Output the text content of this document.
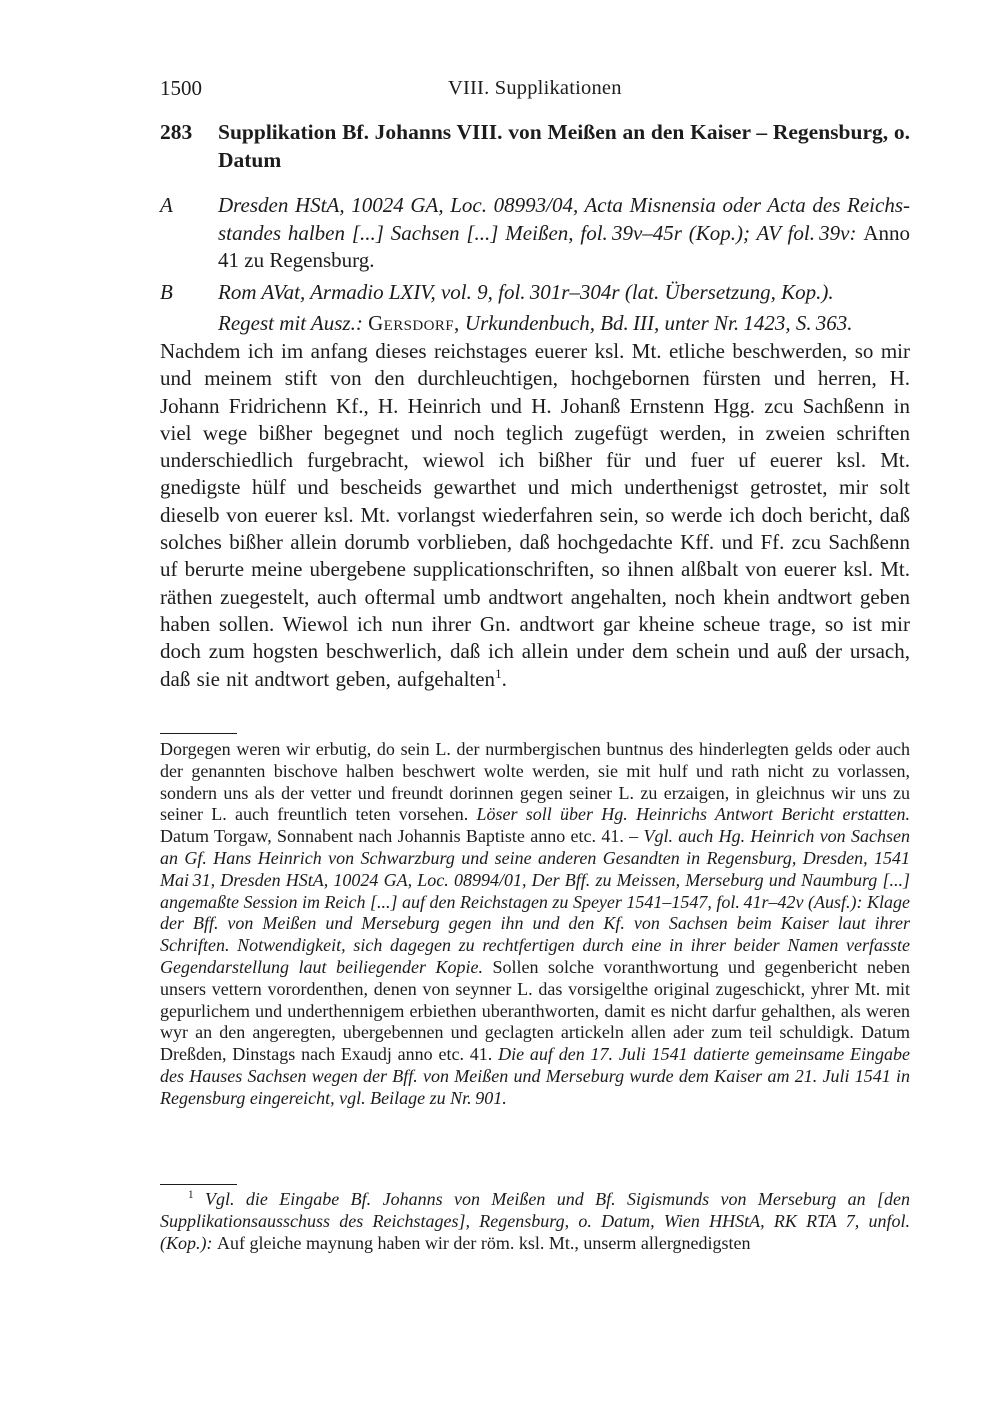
1500	VIII. Supplikationen
283	Supplikation Bf. Johanns VIII. von Meißen an den Kaiser – Regensburg, o. Datum
A	Dresden HStA, 10024 GA, Loc. 08993/04, Acta Misnensia oder Acta des Reichsstandes halben [...] Sachsen [...] Meißen, fol. 39v–45r (Kop.); AV fol. 39v: Anno 41 zu Regensburg.

B	Rom AVat, Armadio LXIV, vol. 9, fol. 301r–304r (lat. Übersetzung, Kop.).

Regest mit Ausz.: Gersdorf, Urkundenbuch, Bd. III, unter Nr. 1423, S. 363.

Nachdem ich im anfang dieses reichstages euerer ksl. Mt. etliche beschwerden, so mir und meinem stift von den durchleuchtigen, hochgebornen fürsten und herren, H. Johann Fridrichenn Kf., H. Heinrich und H. Johanß Ernstenn Hgg. zcu Sachßenn in viel wege bißher begegnet und noch teglich zugefügt werden, in zweien schriften underschiedlich furgebracht, wiewol ich bißher für und fuer uf euerer ksl. Mt. gnedigste hülf und bescheids gewarthet und mich underthenigst getrostet, mir solt dieselb von euerer ksl. Mt. vorlangst wiederfahren sein, so werde ich doch bericht, daß solches bißher allein dorumb vorblieben, daß hochgedachte Kff. und Ff. zcu Sachßenn uf berurte meine ubergebene supplicationschriften, so ihnen alßbalt von euerer ksl. Mt. räthen zuegestelt, auch oftermal umb andtwort angehalten, noch khein andtwort geben haben sollen. Wiewol ich nun ihrer Gn. andtwort gar kheine scheue trage, so ist mir doch zum hogsten beschwerlich, daß ich allein under dem schein und auß der ursach, daß sie nit andtwort geben, aufgehalten$^1$.

Dorgegen weren wir erbutig, do sein L. der nurmbergischen buntnus des hinderlegten gelds oder auch der genannten bischove halben beschwert wolte werden, sie mit hulf und rath nicht zu vorlassen, sondern uns als der vetter und freundt dorinnen gegen seiner L. zu erzaigen, in gleichnus wir uns zu seiner L. auch freuntlich teten vorsehen. Löser soll über Hg. Heinrichs Antwort Bericht erstatten. Datum Torgaw, Sonnabent nach Johannis Baptiste anno etc. 41. – Vgl. auch Hg. Heinrich von Sachsen an Gf. Hans Heinrich von Schwarzburg und seine anderen Gesandten in Regensburg, Dresden, 1541 Mai 31, Dresden HStA, 10024 GA, Loc. 08994/01, Der Bff. zu Meissen, Merseburg und Naumburg [...] angemaßte Session im Reich [...] auf den Reichstagen zu Speyer 1541–1547, fol. 41r–42v (Ausf.): Klage der Bff. von Meißen und Merseburg gegen ihn und den Kf. von Sachsen beim Kaiser laut ihrer Schriften. Notwendigkeit, sich dagegen zu rechtfertigen durch eine in ihrer beider Namen verfasste Gegendarstellung laut beiliegender Kopie. Sollen solche voranthwortung und gegenbericht neben unsers vettern vorordenthen, denen von seynner L. das vorsigelthe original zugeschickt, yhrer Mt. mit gepurlichem und underthennigem erbiethen uberanthworten, damit es nicht darfur gehalthen, als weren wyr an den angeregten, ubergebennen und geclagten artickeln allen ader zum teil schuldigk. Datum Dreßden, Dinstags nach Exaudj anno etc. 41. Die auf den 17. Juli 1541 datierte gemeinsame Eingabe des Hauses Sachsen wegen der Bff. von Meißen und Merseburg wurde dem Kaiser am 21. Juli 1541 in Regensburg eingereicht, vgl. Beilage zu Nr. 901.

$^1$ Vgl. die Eingabe Bf. Johanns von Meißen und Bf. Sigismunds von Merseburg an [den Supplikationsausschuss des Reichstages], Regensburg, o. Datum, Wien HHStA, RK RTA 7, unfol. (Kop.): Auf gleiche maynung haben wir der röm. ksl. Mt., unserm allergnedigsten
